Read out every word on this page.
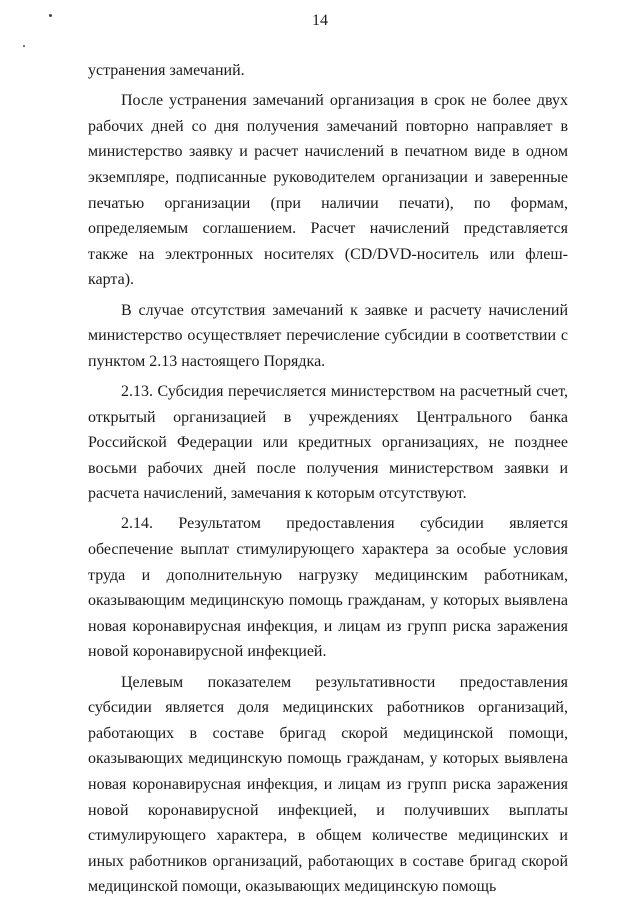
14

устранения замечаний.

После устранения замечаний организация в срок не более двух рабочих дней со дня получения замечаний повторно направляет в министерство заявку и расчет начислений в печатном виде в одном экземпляре, подписанные руководителем организации и заверенные печатью организации (при наличии печати), по формам, определяемым соглашением. Расчет начислений представляется также на электронных носителях (CD/DVD-носитель или флеш-карта).

В случае отсутствия замечаний к заявке и расчету начислений министерство осуществляет перечисление субсидии в соответствии с пунктом 2.13 настоящего Порядка.

2.13. Субсидия перечисляется министерством на расчетный счет, открытый организацией в учреждениях Центрального банка Российской Федерации или кредитных организациях, не позднее восьми рабочих дней после получения министерством заявки и расчета начислений, замечания к которым отсутствуют.

2.14. Результатом предоставления субсидии является обеспечение выплат стимулирующего характера за особые условия труда и дополнительную нагрузку медицинским работникам, оказывающим медицинскую помощь гражданам, у которых выявлена новая коронавирусная инфекция, и лицам из групп риска заражения новой коронавирусной инфекцией.

Целевым показателем результативности предоставления субсидии является доля медицинских работников организаций, работающих в составе бригад скорой медицинской помощи, оказывающих медицинскую помощь гражданам, у которых выявлена новая коронавирусная инфекция, и лицам из групп риска заражения новой коронавирусной инфекцией, и получивших выплаты стимулирующего характера, в общем количестве медицинских и иных работников организаций, работающих в составе бригад скорой медицинской помощи, оказывающих медицинскую помощь
